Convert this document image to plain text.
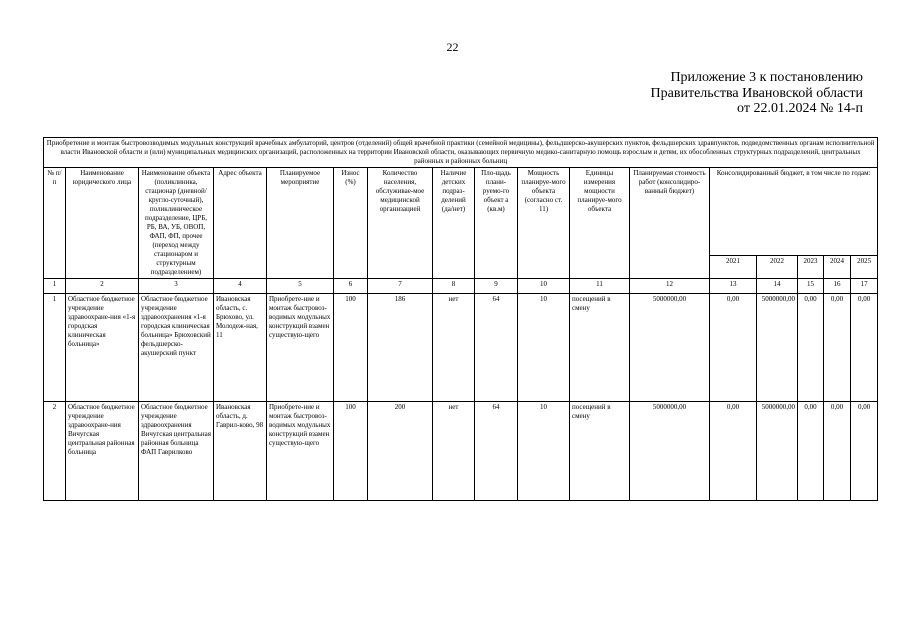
22
Приложение 3 к постановлению
Правительства Ивановской области
от 22.01.2024 № 14-п
Приобретение и монтаж быстровозводимых модульных конструкций врачебных амбулаторий, центров (отделений) общей врачебной практики (семейной медицины), фельдшерско-акушерских пунктов, фельдшерских здравпунктов, подведомственных органам исполнительной власти Ивановской области и (или) муниципальных медицинских организаций, расположенных на территории Ивановской области, оказывающих первичную медико-санитарную помощь взрослым и детям, их обособленных структурных подразделений, центральных районных и районных больниц																
№ п/п	Наименование юридического лица	Наименование объекта (поликлиника, стационар (дневной/кругло-суточный), поликлиническое подразделение, ЦРБ, РБ, ВА, УБ, ОВОП, ФАП, ФП, прочее (переход между стационаром и структурным подразделением)	Адрес объекта	Планируемое мероприятие	Износ (%)	Количество населения, обслуживае-мое медицинской организацией	Наличие детских подраз-делений (да/нет)	Пло-щадь плани-руемо-го объект а (кв.м)	Мощность планируе-мого объекта (согласно ст. 11)	Единицы измерения мощности планируе-мого объекта	Планируемая стоимость работ (консолидиро-ванный бюджет)	Консолидированный бюджет, в том числе по годам:				
												2021	2022	2023	2024	2025
1	2	3	4	5	6	7	8	9	10	11	12	13	14	15	16	17
1	Областное бюджетное учреждение здравоохране-ния «1-я городская клиническая больница»	Областное бюджетное учреждение здравоохранения «1-я городская клиническая больница» Брюховский фельдшерско-акушерский пункт	Ивановская область, с. Брюхово, ул. Молодеж-ная, 11	Приобрете-ние и монтаж быстровоз-водимых модульных конструкций взамен существую-щего	100	186	нет	64	10	посещений в смену	5000000,00	0,00	5000000,00	0,00	0,00	0,00
2	Областное бюджетное учреждение здравоохране-ния Вичугская центральная районная больница	Областное бюджетное учреждение здравоохранения Вичугская центральная районная больница ФАП Гаврилково	Ивановская область, д. Гаврил-ково, 98	Приобрете-ние и монтаж быстровоз-водимых модульных конструкций взамен существую-щего	100	200	нет	64	10	посещений в смену	5000000,00	0,00	5000000,00	0,00	0,00	0,00
